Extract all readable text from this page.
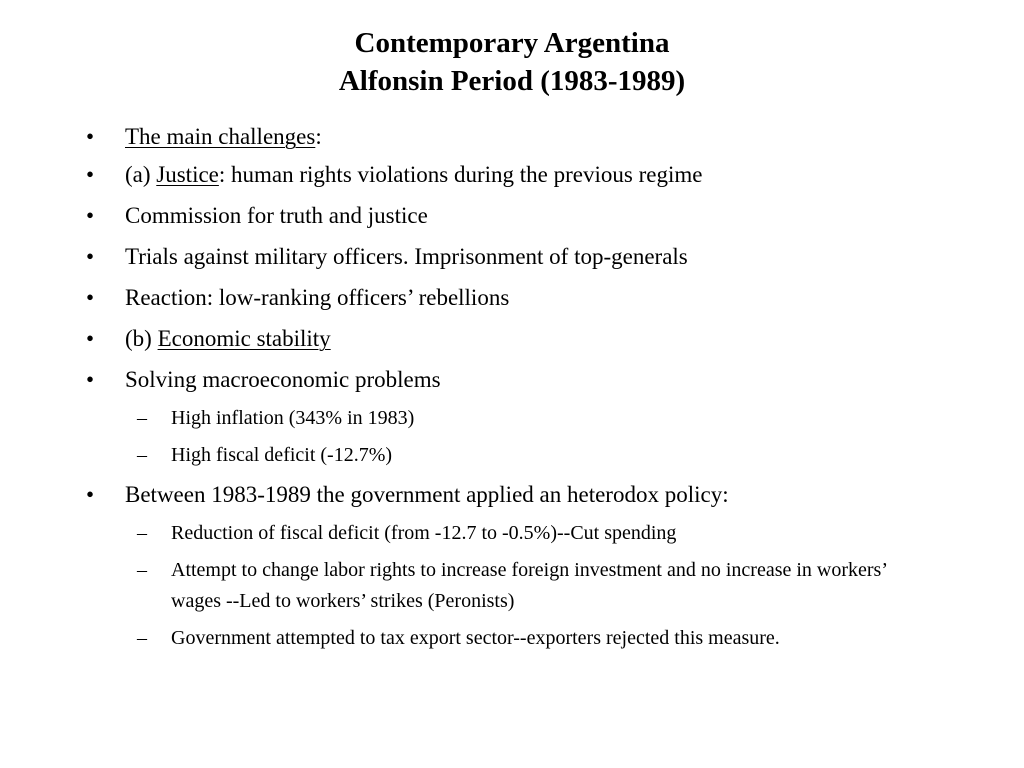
Contemporary Argentina
Alfonsin Period (1983-1989)
• The main challenges:
• (a) Justice: human rights violations during the previous regime
• Commission for truth and justice
• Trials against military officers. Imprisonment of top-generals
• Reaction: low-ranking officers’ rebellions
• (b) Economic stability
• Solving macroeconomic problems
– High inflation (343% in 1983)
– High fiscal deficit (-12.7%)
• Between 1983-1989 the government applied an heterodox policy:
– Reduction of fiscal deficit (from -12.7 to -0.5%)--Cut spending
– Attempt to change labor rights to increase foreign investment and no increase in workers’ wages --Led to workers’ strikes (Peronists)
– Government attempted to tax export sector--exporters rejected this measure.
